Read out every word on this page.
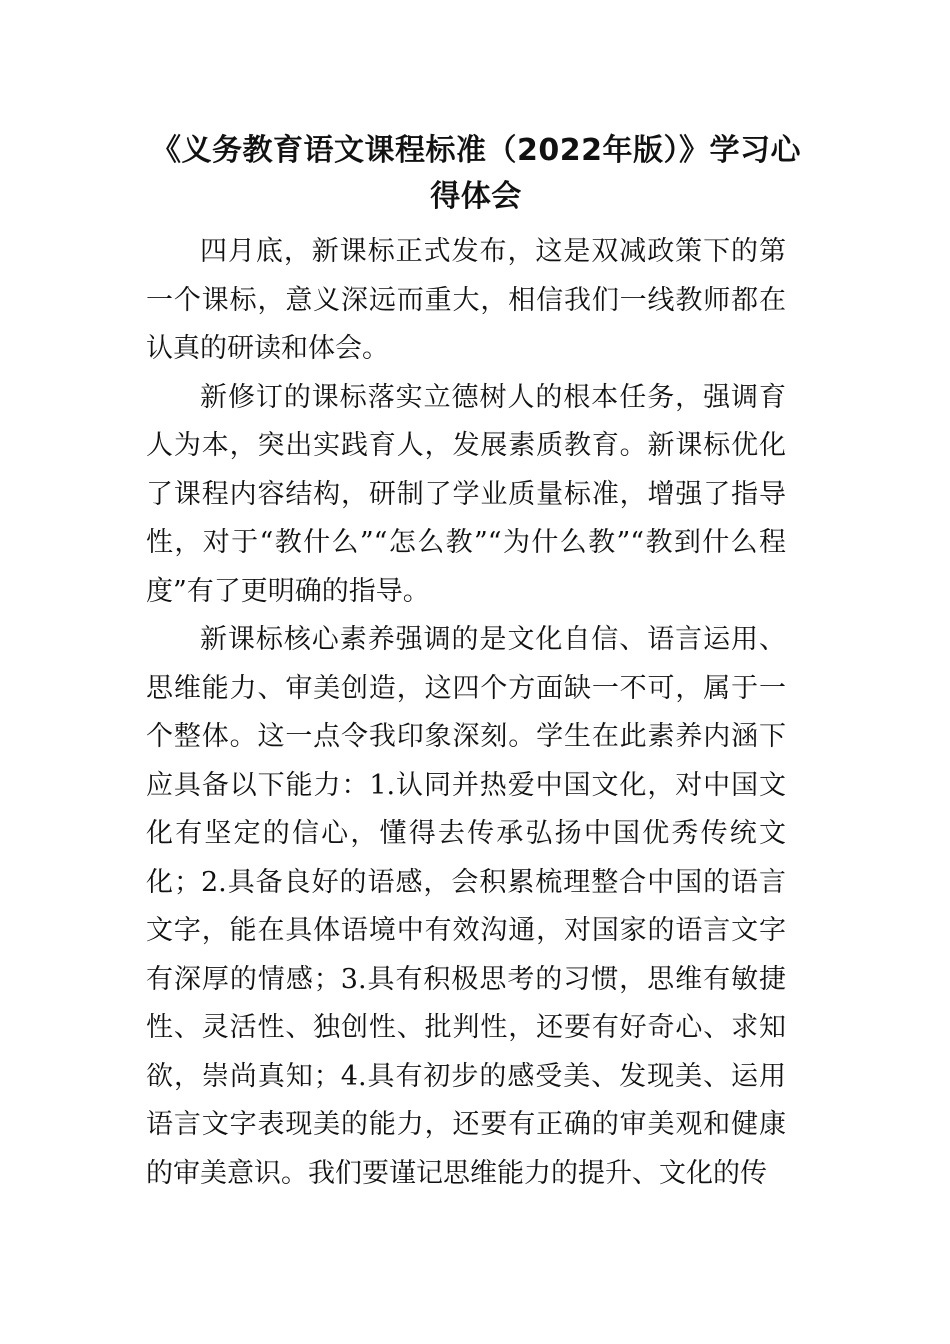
《义务教育语文课程标准（2022年版）》学习心得体会

四月底，新课标正式发布，这是双减政策下的第一个课标，意义深远而重大，相信我们一线教师都在认真的研读和体会。

新修订的课标落实立德树人的根本任务，强调育人为本，突出实践育人，发展素质教育。新课标优化了课程内容结构，研制了学业质量标准，增强了指导性，对于“教什么”“怎么教”“为什么教”“教到什么程度”有了更明确的指导。

新课标核心素养强调的是文化自信、语言运用、思维能力、审美创造，这四个方面缺一不可，属于一个整体。这一点令我印象深刻。学生在此素养内涵下应具备以下能力：1.认同并热爱中国文化，对中国文化有坚定的信心，懂得去传承弘扬中国优秀传统文化；2.具备良好的语感，会积累梳理整合中国的语言文字，能在具体语境中有效沟通，对国家的语言文字有深厚的情感；3.具有积极思考的习惯，思维有敏捷性、灵活性、独创性、批判性，还要有好奇心、求知欲，崇尚真知；4.具有初步的感受美、发现美、运用语言文字表现美的能力，还要有正确的审美观和健康的审美意识。我们要谨记思维能力的提升、文化的传
